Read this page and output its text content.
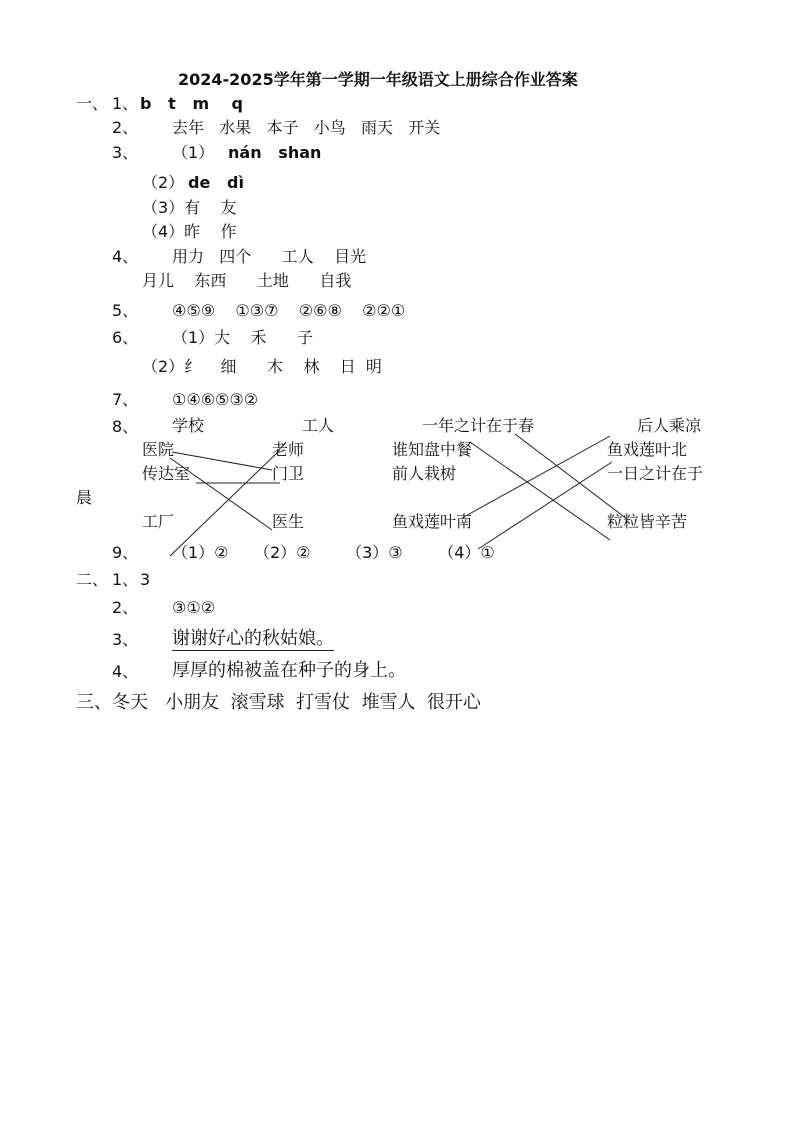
2024-2025学年第一学期一年级语文上册综合作业答案
一、 1、 b   t   m    q
2、 去年   水果   本子   小鸟   雨天   开关
3、 （1） nán   shan
（2） de   dì
（3）有    友
（4）昨    作
4、 用力   四个      工人    目光
月儿    东西      土地      自我
5、 ④⑤⑨    ①③⑦    ②⑥⑧    ②②①
6、 （1）大    禾      子
（2）纟    细      木    林    日  明
7、 ①④⑥⑤③②
8、 学校
医院
传达室
工厂
工人
老师
门卫
医生
一年之计在于春
谁知盘中餐
前人栽树
鱼戏莲叶南
后人乘凉
鱼戏莲叶北
一日之计在于
粒粒皆辛苦
晨
9、 （1）②     （2）②       （3）③       （4）①
二、 1、 3
2、 ③①②
3、 谢谢好心的秋姑娘。
4、 厚厚的棉被盖在种子的身上。
三、 冬天   小朋友  滚雪球  打雪仗  堆雪人  很开心
